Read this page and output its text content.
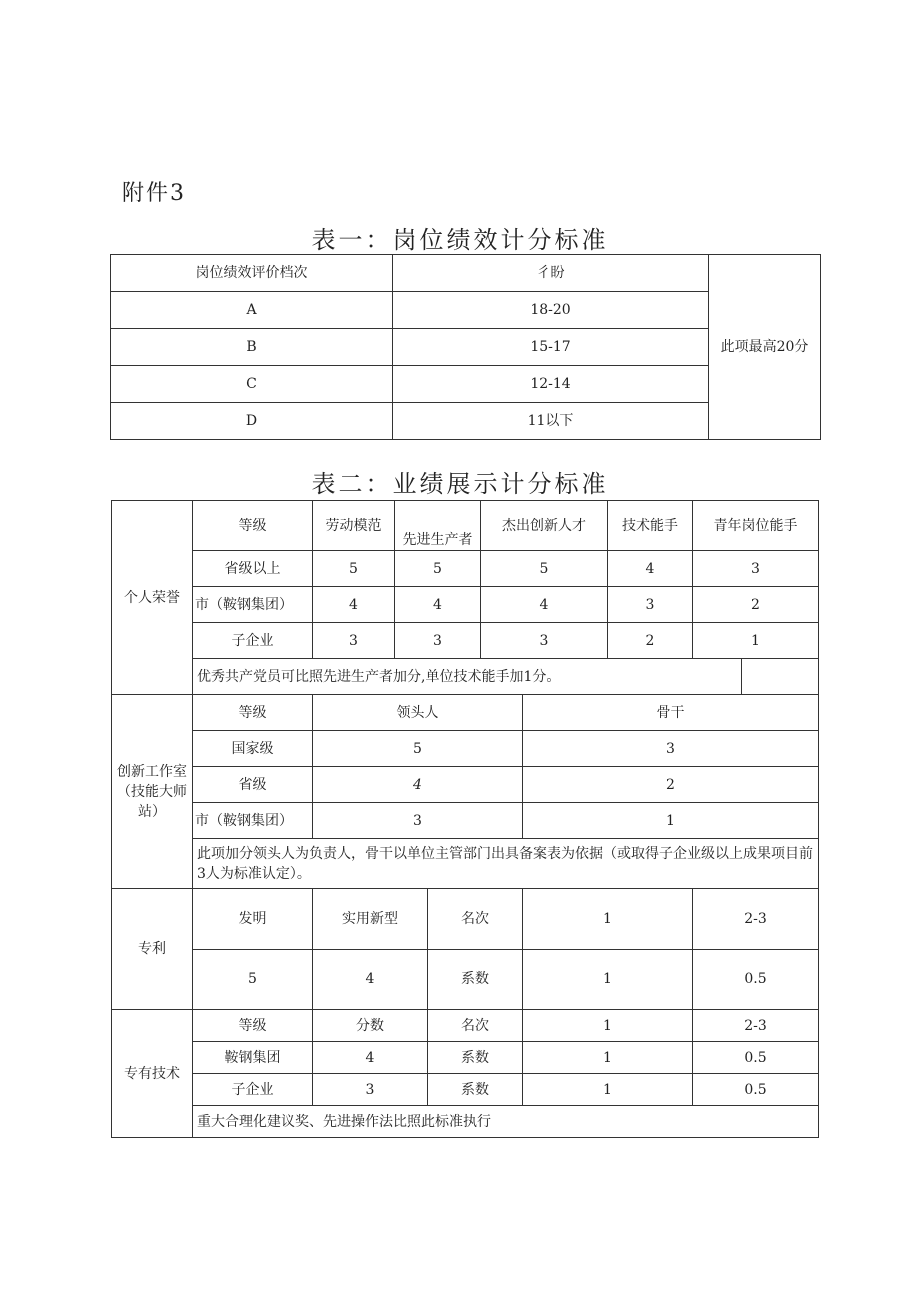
附件3
表一：岗位绩效计分标准
岗位绩效评价档次	彳盼	此项最高20分
A	18-20	
B	15-17	
C	12-14	
D	11以下	
表二：业绩展示计分标准
个人荣誉	等级	劳动模范	先进生产者		杰出创新人才		技术能手	青年岗位能手	
	省级以上	5	5		5		4	3	
	市（鞍钢集团）	4	4		4		3	2	
	子企业	3	3		3		2	1	
	优秀共产党员可比照先进生产者加分,单位技术能手加1分。								
创新工作室（技能大师站）	等级	领头人				骨干	
	国家级	5				3			
	省级	4				2			
	市（鞍钢集团）	3				1			
	此项加分领头人为负责人，骨干以单位主管部门出具备案表为依据（或取得子企业级以上成果项目前3人为标准认定）。								
专利	发明	实用新型		名次		1		2-3	
	5	4		系数		1		0.5	
专有技术	等级	分数		名次		1		2-3	
	鞍钢集团	4		系数		1		0.5	
	子企业	3		系数		1		0.5	
	重大合理化建议奖、先进操作法比照此标准执行								
